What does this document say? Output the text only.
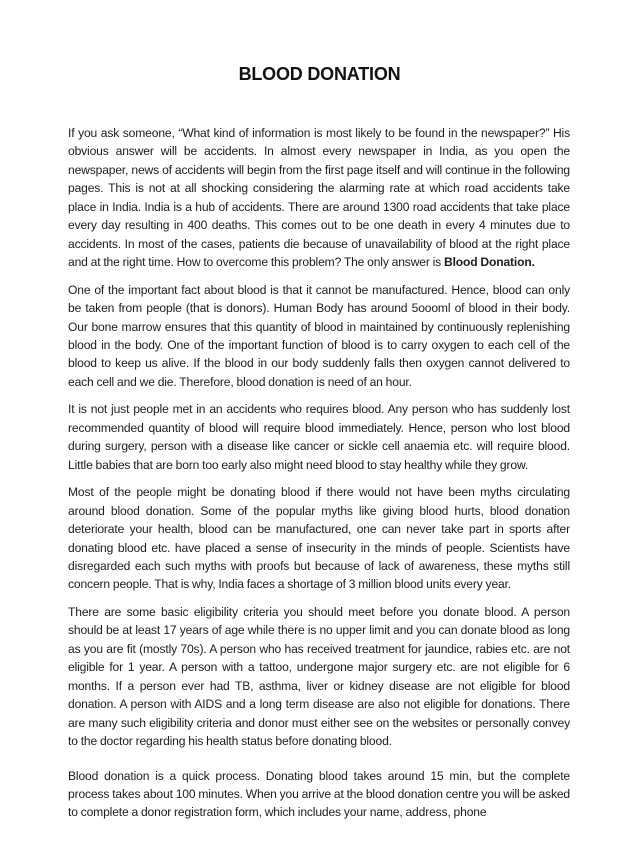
BLOOD DONATION

If you ask someone, “What kind of information is most likely to be found in the newspaper?” His obvious answer will be accidents. In almost every newspaper in India, as you open the newspaper, news of accidents will begin from the first page itself and will continue in the following pages. This is not at all shocking considering the alarming rate at which road accidents take place in India. India is a hub of accidents. There are around 1300 road accidents that take place every day resulting in 400 deaths. This comes out to be one death in every 4 minutes due to accidents. In most of the cases, patients die because of unavailability of blood at the right place and at the right time. How to overcome this problem? The only answer is Blood Donation.

One of the important fact about blood is that it cannot be manufactured. Hence, blood can only be taken from people (that is donors). Human Body has around 5oooml of blood in their body. Our bone marrow ensures that this quantity of blood in maintained by continuously replenishing blood in the body. One of the important function of blood is to carry oxygen to each cell of the blood to keep us alive. If the blood in our body suddenly falls then oxygen cannot delivered to each cell and we die. Therefore, blood donation is need of an hour.

It is not just people met in an accidents who requires blood. Any person who has suddenly lost recommended quantity of blood will require blood immediately. Hence, person who lost blood during surgery, person with a disease like cancer or sickle cell anaemia etc. will require blood. Little babies that are born too early also might need blood to stay healthy while they grow.

Most of the people might be donating blood if there would not have been myths circulating around blood donation. Some of the popular myths like giving blood hurts, blood donation deteriorate your health, blood can be manufactured, one can never take part in sports after donating blood etc. have placed a sense of insecurity in the minds of people. Scientists have disregarded each such myths with proofs but because of lack of awareness, these myths still concern people. That is why, India faces a shortage of 3 million blood units every year.

There are some basic eligibility criteria you should meet before you donate blood. A person should be at least 17 years of age while there is no upper limit and you can donate blood as long as you are fit (mostly 70s). A person who has received treatment for jaundice, rabies etc. are not eligible for 1 year. A person with a tattoo, undergone major surgery etc. are not eligible for 6 months. If a person ever had TB, asthma, liver or kidney disease are not eligible for blood donation. A person with AIDS and a long term disease are also not eligible for donations. There are many such eligibility criteria and donor must either see on the websites or personally convey to the doctor regarding his health status before donating blood.

Blood donation is a quick process. Donating blood takes around 15 min, but the complete process takes about 100 minutes. When you arrive at the blood donation centre you will be asked to complete a donor registration form, which includes your name, address, phone
